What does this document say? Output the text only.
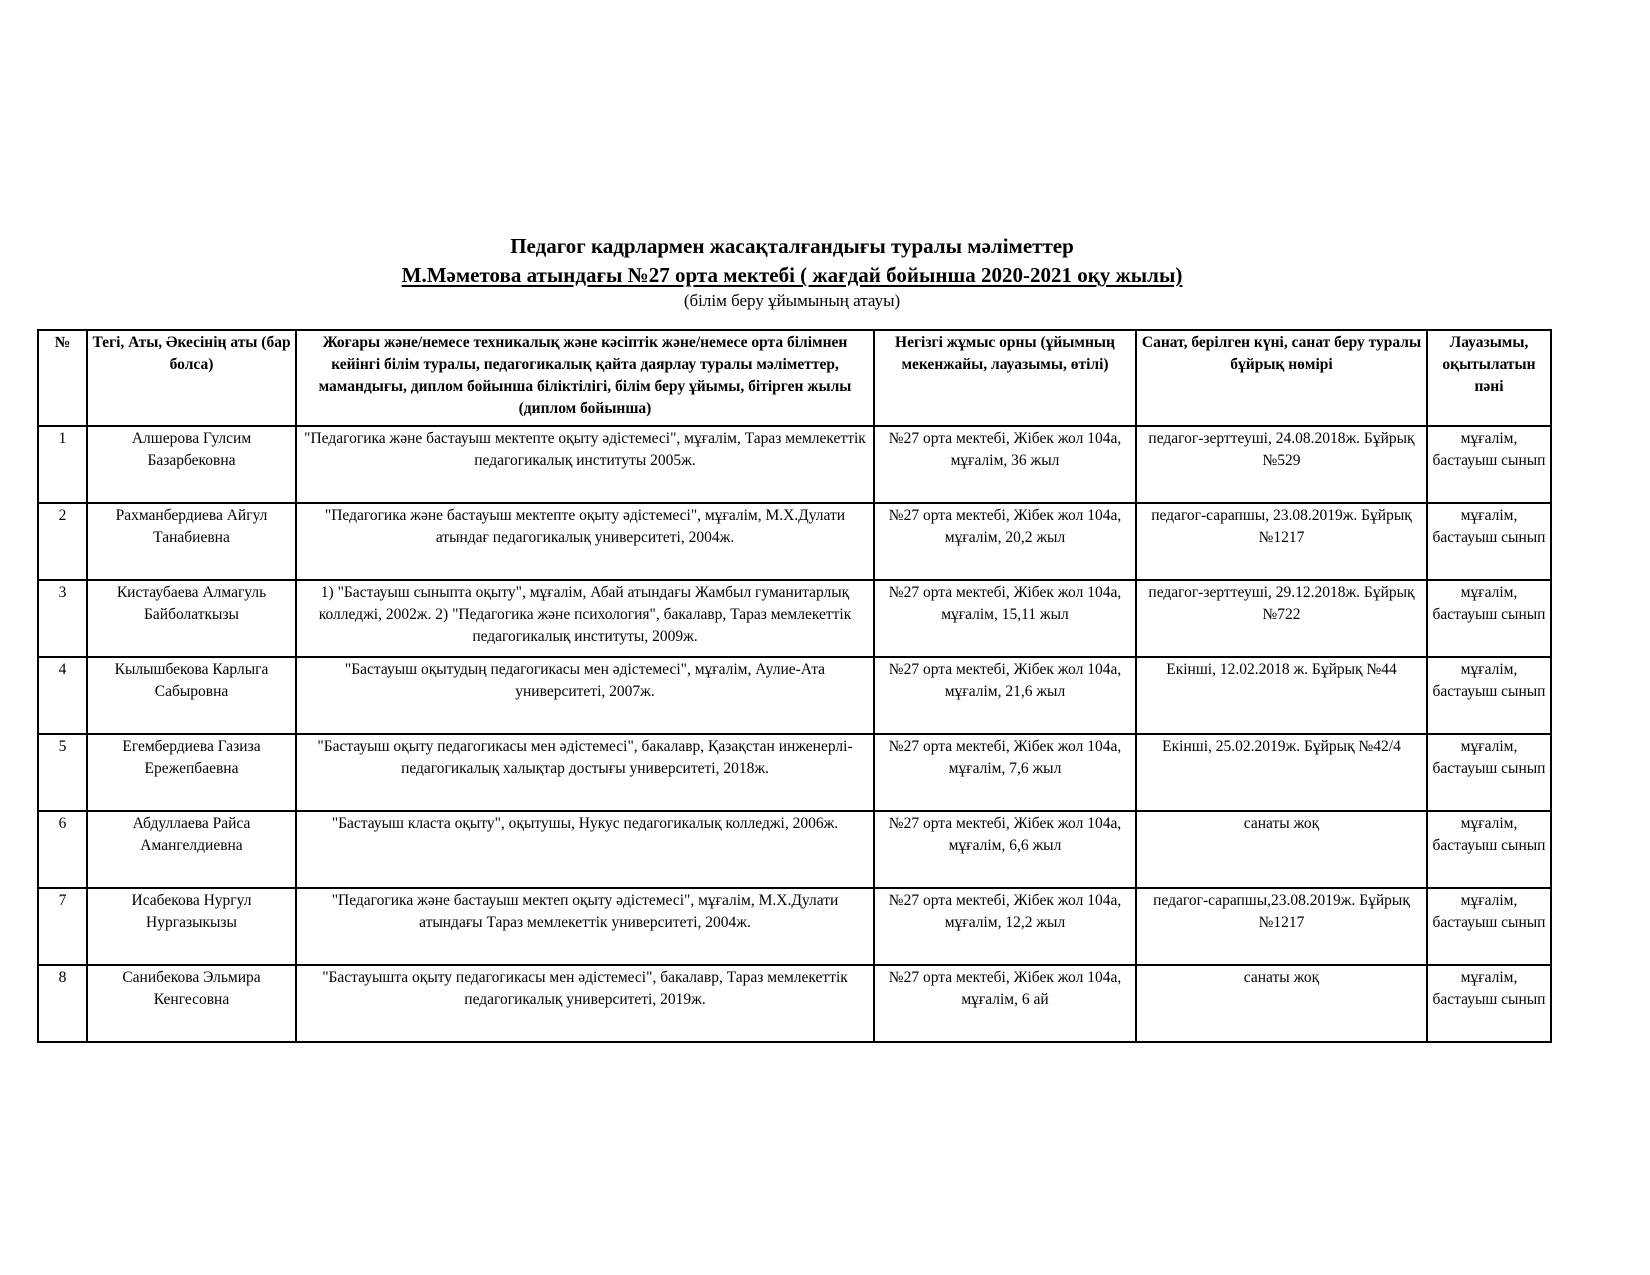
Педагог кадрлармен жасақталғандығы туралы мәліметтер
М.Мәметова атындағы №27 орта мектебі ( жағдай бойынша 2020-2021 оқу жылы)
(білім беру ұйымының атауы)
№	Тегі, Аты, Әкесінің аты (бар болса)	Жоғары және/немесе техникалық және кәсіптік және/немесе орта білімнен кейінгі білім туралы, педагогикалық қайта даярлау туралы мәліметтер, мамандығы, диплом бойынша біліктілігі, білім беру ұйымы, бітірген жылы (диплом бойынша)	Негізгі жұмыс орны (ұйымның мекенжайы, лауазымы, өтілі)	Санат, берілген күні, санат беру туралы бұйрық нөмірі	Лауазымы, оқытылатын пәні
1	Алшерова Гулсим Базарбековна	"Педагогика және бастауыш мектепте оқыту әдістемесі", мұғалім, Тараз мемлекеттік педагогикалық институты 2005ж.	№27 орта мектебі, Жібек жол 104а, мұғалім, 36 жыл	педагог-зерттеуші, 24.08.2018ж. Бұйрық №529	мұғалім, бастауыш сынып
2	Рахманбердиева Айгул Танабиевна	"Педагогика және бастауыш мектепте оқыту әдістемесі", мұғалім, М.Х.Дулати атындағ педагогикалық университеті, 2004ж.	№27 орта мектебі, Жібек жол 104а, мұғалім, 20,2 жыл	педагог-сарапшы, 23.08.2019ж. Бұйрық №1217	мұғалім, бастауыш сынып
3	Кистаубаева Алмагуль Байболаткызы	1) "Бастауыш сыныпта оқыту", мұғалім, Абай атындағы Жамбыл гуманитарлық колледжі, 2002ж. 2) "Педагогика және психология", бакалавр, Тараз мемлекеттік педагогикалық институты, 2009ж.	№27 орта мектебі, Жібек жол 104а, мұғалім, 15,11 жыл	педагог-зерттеуші, 29.12.2018ж. Бұйрық №722	мұғалім, бастауыш сынып
4	Кылышбекова Карлыга Сабыровна	"Бастауыш оқытудың педагогикасы мен әдістемесі", мұғалім, Аулие-Ата университеті, 2007ж.	№27 орта мектебі, Жібек жол 104а, мұғалім, 21,6 жыл	Екінші, 12.02.2018 ж. Бұйрық №44	мұғалім, бастауыш сынып
5	Егембердиева Газиза Ережепбаевна	"Бастауыш оқыту педагогикасы мен әдістемесі", бакалавр, Қазақстан инженерлі-педагогикалық халықтар достығы университеті, 2018ж.	№27 орта мектебі, Жібек жол 104а, мұғалім, 7,6 жыл	Екінші, 25.02.2019ж. Бұйрық №42/4	мұғалім, бастауыш сынып
6	Абдуллаева Райса Амангелдиевна	"Бастауыш класта оқыту", оқытушы, Нукус педагогикалық колледжі, 2006ж.	№27 орта мектебі, Жібек жол 104а, мұғалім, 6,6 жыл	санаты жоқ	мұғалім, бастауыш сынып
7	Исабекова Нургул Нургазыкызы	"Педагогика және бастауыш мектеп оқыту әдістемесі", мұғалім, М.Х.Дулати атындағы Тараз мемлекеттік университеті, 2004ж.	№27 орта мектебі, Жібек жол 104а, мұғалім, 12,2 жыл	педагог-сарапшы,23.08.2019ж. Бұйрық №1217	мұғалім, бастауыш сынып
8	Санибекова Эльмира Кенгесовна	"Бастауышта оқыту педагогикасы мен әдістемесі", бакалавр, Тараз мемлекеттік педагогикалық университеті, 2019ж.	№27 орта мектебі, Жібек жол 104а, мұғалім, 6 ай	санаты жоқ	мұғалім, бастауыш сынып
